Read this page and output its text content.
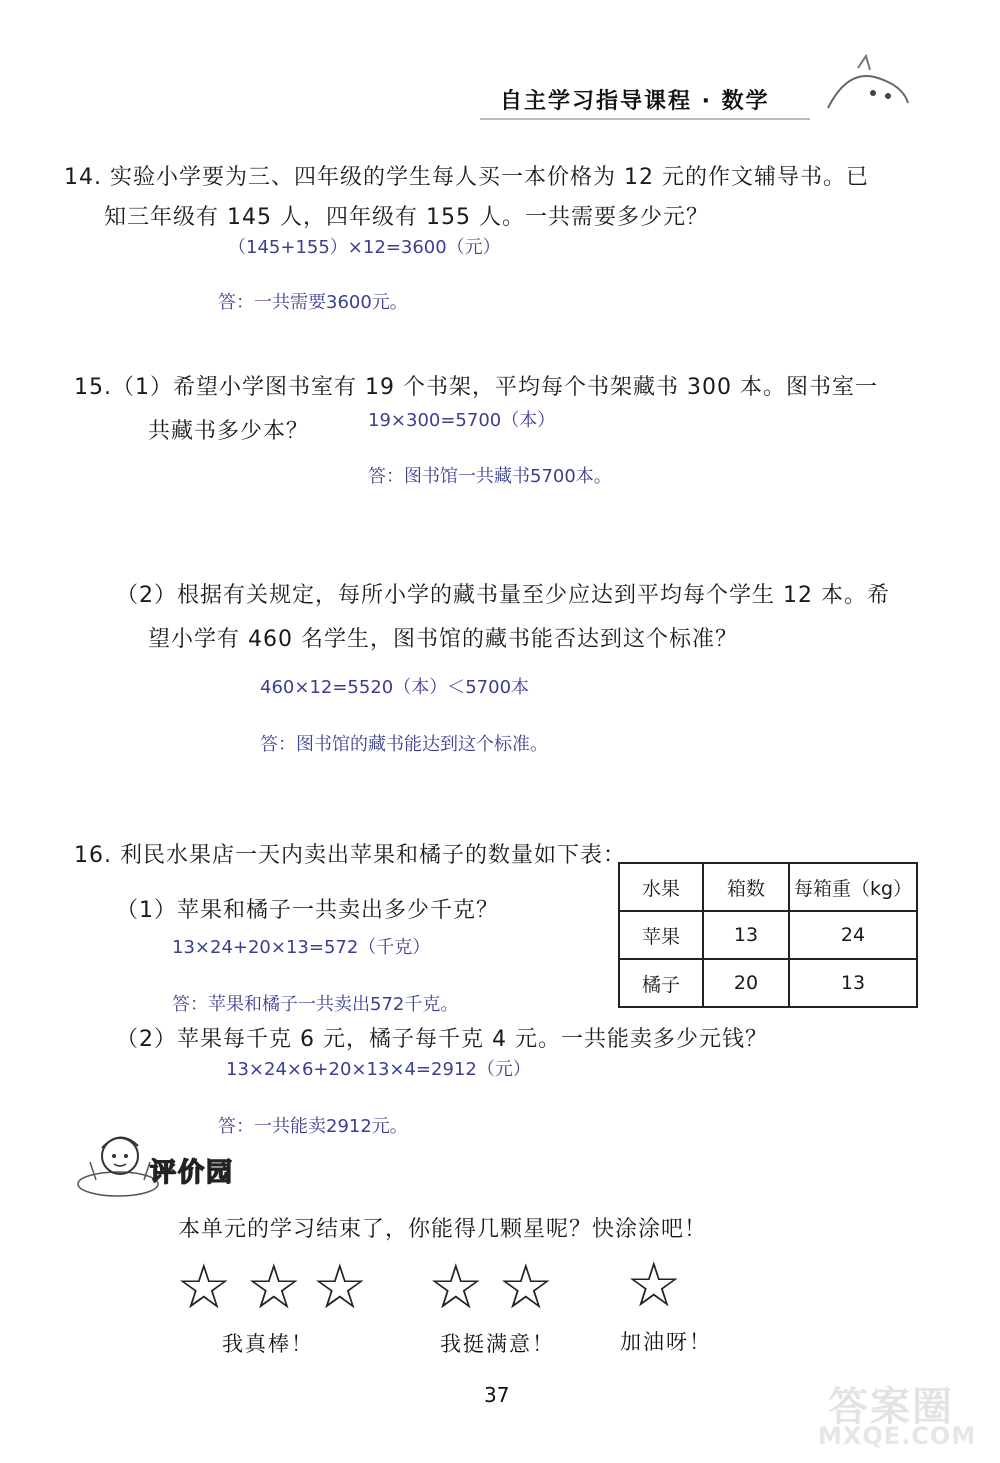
自主学习指导课程 · 数学
14. 实验小学要为三、四年级的学生每人买一本价格为 12 元的作文辅导书。已
知三年级有 145 人，四年级有 155 人。一共需要多少元？
（145+155）×12=3600（元）
答：一共需要3600元。
15.（1）希望小学图书室有 19 个书架，平均每个书架藏书 300 本。图书室一
共藏书多少本？	19×300=5700（本）
答：图书馆一共藏书5700本。
（2）根据有关规定，每所小学的藏书量至少应达到平均每个学生 12 本。希
望小学有 460 名学生，图书馆的藏书能否达到这个标准？
460×12=5520（本）＜5700本
答：图书馆的藏书能达到这个标准。
16. 利民水果店一天内卖出苹果和橘子的数量如下表：
（1）苹果和橘子一共卖出多少千克？
13×24+20×13=572（千克）
答：苹果和橘子一共卖出572千克。
（2）苹果每千克 6 元，橘子每千克 4 元。一共能卖多少元钱？
13×24×6+20×13×4=2912（元）
答：一共能卖2912元。
水果	箱数	每箱重（kg）
苹果	13	24
橘子	20	13
评价园
本单元的学习结束了，你能得几颗星呢？快涂涂吧！
☆ ☆ ☆
我真棒！
☆ ☆
我挺满意！
☆
加油呀！
37	答案圈
MXQE.COM
